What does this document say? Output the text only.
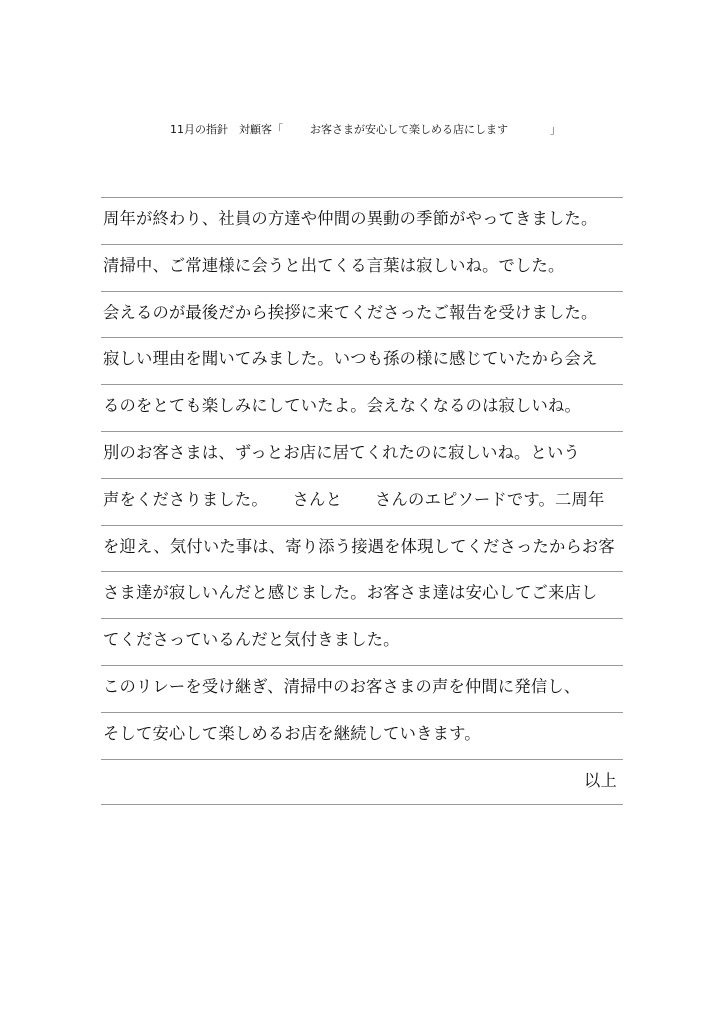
11月の指針　対顧客「

お客さまが安心して楽しめる店にします

	」

周年が終わり、社員の方達や仲間の異動の季節がやってきました。
清掃中、ご常連様に会うと出てくる言葉は寂しいね。でした。
会えるのが最後だから挨拶に来てくださったご報告を受けました。
寂しい理由を聞いてみました。いつも孫の様に感じていたから会え
るのをとても楽しみにしていたよ。会えなくなるのは寂しいね。
別のお客さまは、ずっとお店に居てくれたのに寂しいね。という
声をくださりました。　　さんと　　さんのエピソードです。二周年
を迎え、気付いた事は、寄り添う接遇を体現してくださったからお客
さま達が寂しいんだと感じました。お客さま達は安心してご来店し
てくださっているんだと気付きました。
このリレーを受け継ぎ、清掃中のお客さまの声を仲間に発信し、
そして安心して楽しめるお店を継続していきます。
以上
